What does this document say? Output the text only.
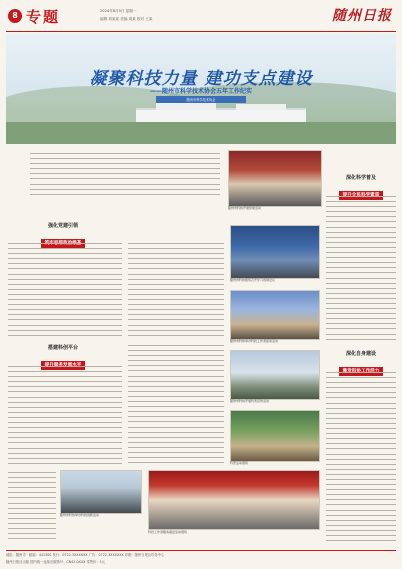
8 专题	2024年8月5日 星期一
编辑 刘某某 美编 周某 校对 王某	随州日报
凝聚科技力量 建功支点建设
——随州市科学技术协会五年工作纪实
随州市科学技术协会
随州市科协开展党建活动
深化科学普及
强化党建引领
随州市科协组织召开学习贯彻会议
随州市科协举办科技工作者座谈活动
搭建科创平台
随州市科协开展科普宣传活动
深化自身建设
科普活动现场
随州市科协举办科技创新活动
科技工作者服务基层活动现场
地址：随州市 · 邮编：441300 发行：0722-3XXXXXX 广告：0722-3XXXXXX 印刷：随州日报社印务中心
随州日报社出版 国内统一连续出版物号：CN42-0XXX 零售价：1元
